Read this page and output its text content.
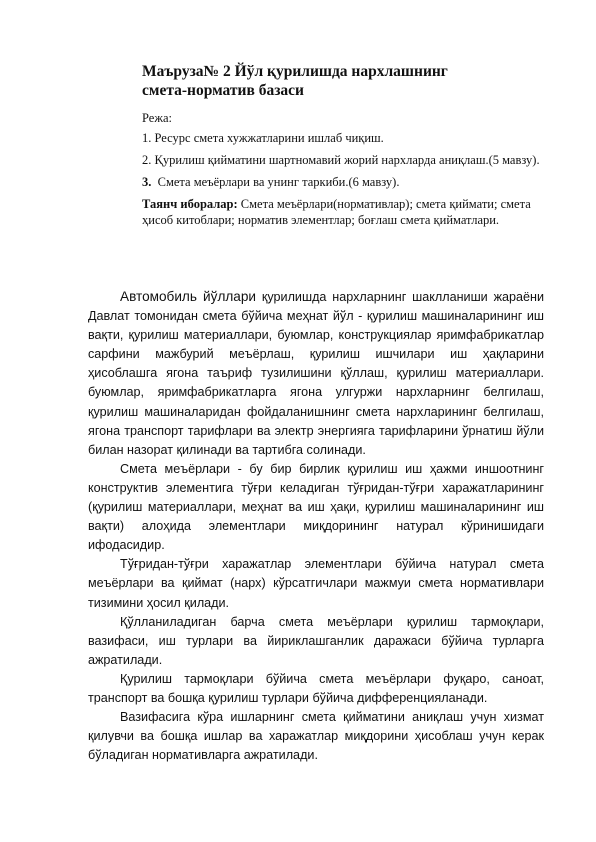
Маъруза№ 2 Йўл қурилишда нархлашнинг
смета-норматив базаси

Режа:

1. Ресурс смета хужжатларини ишлаб чиқиш.

2. Қурилиш қийматини шартномавий жорий нархларда аниқлаш.(5 мавзу).

3. Смета меъёрлари ва унинг таркиби.(6 мавзу).

Таянч иборалар: Смета меъёрлари(нормативлар); смета қиймати; смета ҳисоб китоблари; норматив элементлар; боғлаш смета қийматлари.

Автомобиль йўллари қурилишда нархларнинг шаклланиши жараёни Давлат томонидан смета бўйича меҳнат йўл - қурилиш машиналарининг иш вақти, қурилиш материаллари, буюмлар, конструкциялар яримфабрикатлар сарфини мажбурий меъёрлаш, қурилиш ишчилари иш ҳақларини ҳисоблашга ягона таъриф тузилишини қўллаш, қурилиш материаллари. буюмлар, яримфабрикатларга ягона улгуржи нархларнинг белгилаш, қурилиш машиналаридан фойдаланишнинг смета нархларининг белгилаш, ягона транспорт тарифлари ва электр энергияга тарифларини ўрнатиш йўли билан назорат қилинади ва тартибга солинади.

Смета меъёрлари - бу бир бирлик қурилиш иш ҳажми иншоотнинг конструктив элементига тўғри келадиган тўғридан-тўғри харажатларининг (қурилиш материаллари, меҳнат ва иш ҳақи, қурилиш машиналарининг иш вақти) алоҳида элементлари миқдорининг натурал кўринишидаги ифодасидир.

Тўғридан-тўғри харажатлар элементлари бўйича натурал смета меъёрлари ва қиймат (нарх) кўрсатгичлари мажмуи смета нормативлари тизимини ҳосил қилади.

Қўлланиладиган барча смета меъёрлари қурилиш тармоқлари, вазифаси, иш турлари ва йириклашганлик даражаси бўйича турларга ажратилади.

Қурилиш тармоқлари бўйича смета меъёрлари фуқаро, саноат, транспорт ва бошқа қурилиш турлари бўйича дифференцияланади.

Вазифасига кўра ишларнинг смета қийматини аниқлаш учун хизмат қилувчи ва бошқа ишлар ва харажатлар миқдорини ҳисоблаш учун керак бўладиган нормативларга ажратилади.
